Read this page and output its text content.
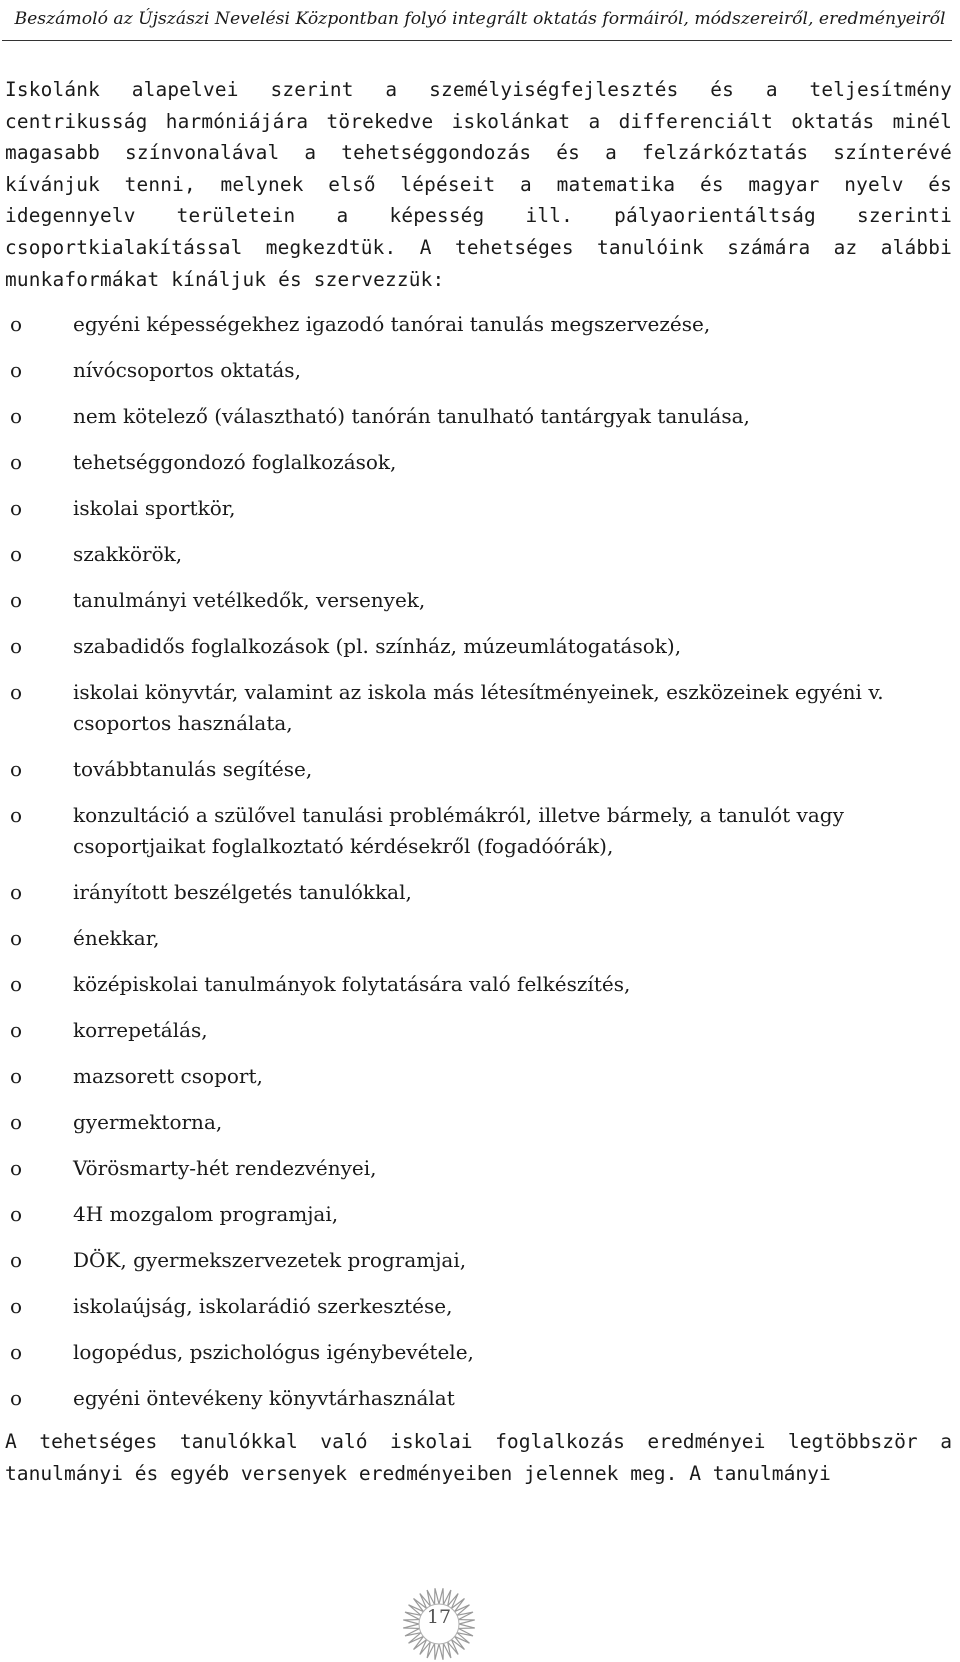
Beszámoló az Újszászi Nevelési Központban folyó integrált oktatás formáiról, módszereiről, eredményeiről

Iskolánk alapelvei szerint a személyiségfejlesztés és a teljesítmény centrikusság harmóniájára törekedve iskolánkat a differenciált oktatás minél magasabb színvonalával a tehetséggondozás és a felzárkóztatás színterévé kívánjuk tenni, melynek első lépéseit a matematika és magyar nyelv és idegennyelv területein a képesség ill. pályaorientáltság szerinti csoportkialakítással megkezdtük. A tehetséges tanulóink számára az alábbi munkaformákat kínáljuk és szervezzük:

o	egyéni képességekhez igazodó tanórai tanulás megszervezése,
o	nívócsoportos oktatás,
o	nem kötelező (választható) tanórán tanulható tantárgyak tanulása,
o	tehetséggondozó foglalkozások,
o	iskolai sportkör,
o	szakkörök,
o	tanulmányi vetélkedők, versenyek,
o	szabadidős foglalkozások (pl. színház, múzeumlátogatások),
o	iskolai könyvtár, valamint az iskola más létesítményeinek, eszközeinek egyéni v. csoportos használata,
o	továbbtanulás segítése,
o	konzultáció a szülővel tanulási problémákról, illetve bármely, a tanulót vagy csoportjaikat foglalkoztató kérdésekről (fogadóórák),
o	irányított beszélgetés tanulókkal,
o	énekkar,
o	középiskolai tanulmányok folytatására való felkészítés,
o	korrepetálás,
o	mazsorett csoport,
o	gyermektorna,
o	Vörösmarty-hét rendezvényei,
o	4H mozgalom programjai,
o	DÖK, gyermekszervezetek programjai,
o	iskolaújság, iskolarádió szerkesztése,
o	logopédus, pszichológus igénybevétele,
o	egyéni öntevékeny könyvtárhasználat

A tehetséges tanulókkal való iskolai foglalkozás eredményei legtöbbször a tanulmányi és egyéb versenyek eredményeiben jelennek meg. A tanulmányi

17
